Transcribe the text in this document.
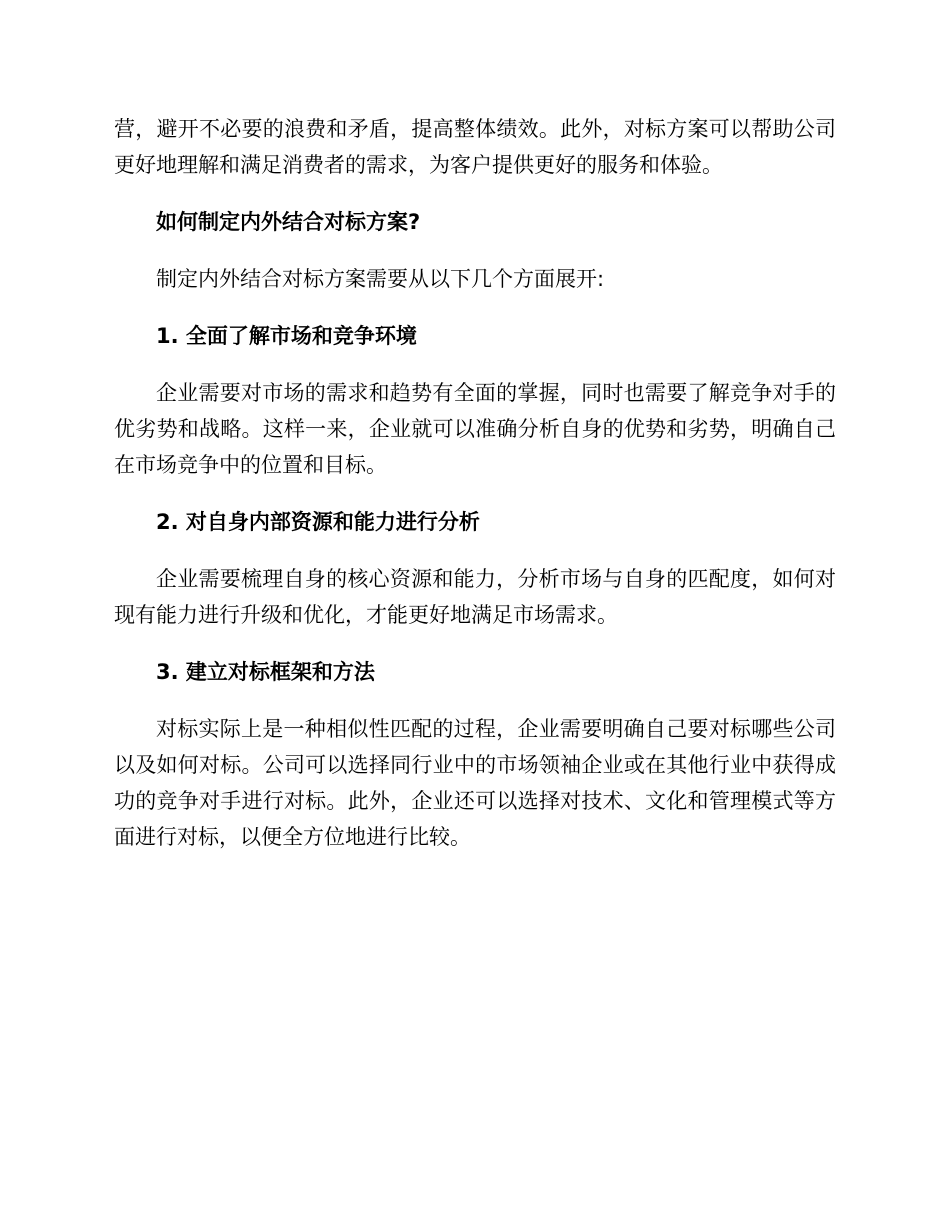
营，避开不必要的浪费和矛盾，提高整体绩效。此外，对标方案可以帮助公司更好地理解和满足消费者的需求，为客户提供更好的服务和体验。

如何制定内外结合对标方案?

制定内外结合对标方案需要从以下几个方面展开:

1. 全面了解市场和竞争环境

企业需要对市场的需求和趋势有全面的掌握，同时也需要了解竞争对手的优劣势和战略。这样一来，企业就可以准确分析自身的优势和劣势，明确自己在市场竞争中的位置和目标。

2. 对自身内部资源和能力进行分析

企业需要梳理自身的核心资源和能力，分析市场与自身的匹配度，如何对现有能力进行升级和优化，才能更好地满足市场需求。

3. 建立对标框架和方法

对标实际上是一种相似性匹配的过程，企业需要明确自己要对标哪些公司以及如何对标。公司可以选择同行业中的市场领袖企业或在其他行业中获得成功的竞争对手进行对标。此外，企业还可以选择对技术、文化和管理模式等方面进行对标，以便全方位地进行比较。
